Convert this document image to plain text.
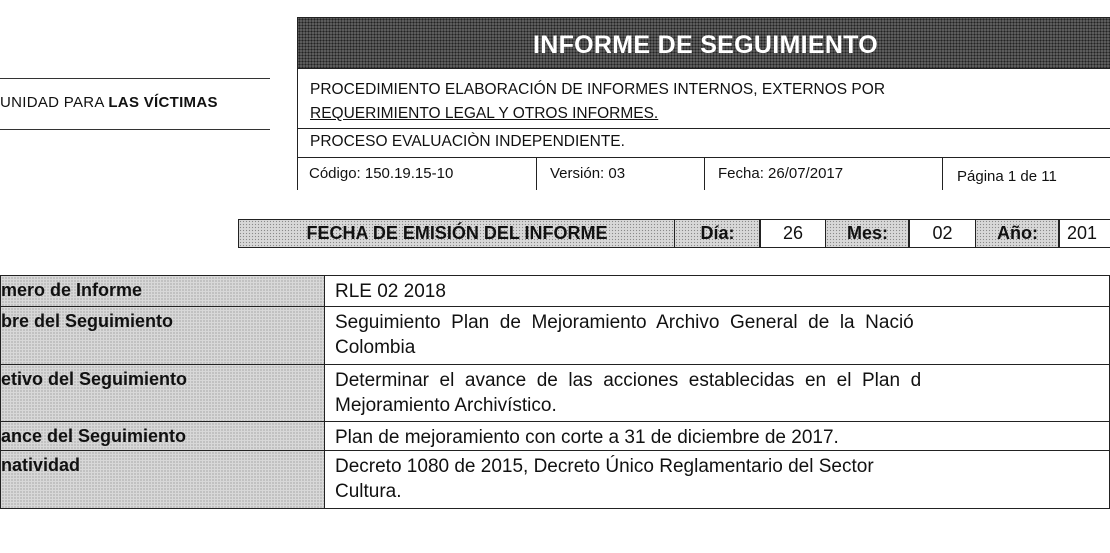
UNIDAD PARA LAS VÍCTIMAS
INFORME DE SEGUIMIENTO
PROCEDIMIENTO ELABORACIÓN DE INFORMES INTERNOS, EXTERNOS POR
REQUERIMIENTO LEGAL Y OTROS INFORMES.
PROCESO EVALUACIÒN INDEPENDIENTE.
Código: 150.19.15-10	Versión: 03	Fecha: 26/07/2017	Página 1 de 11
FECHA DE EMISIÓN DEL INFORME	Día:	26	Mes:	02	Año:	201
mero de Informe	RLE 02 2018
bre del Seguimiento	Seguimiento  Plan  de  Mejoramiento  Archivo  General  de  la  Nació
Colombia

etivo del Seguimiento	Determinar  el  avance  de  las  acciones  establecidas  en  el  Plan  d
Mejoramiento Archivístico.

ance del Seguimiento	Plan de mejoramiento con corte a 31 de diciembre de 2017.
natividad	Decreto 1080 de 2015, Decreto Único Reglamentario del Sector
Cultura.
